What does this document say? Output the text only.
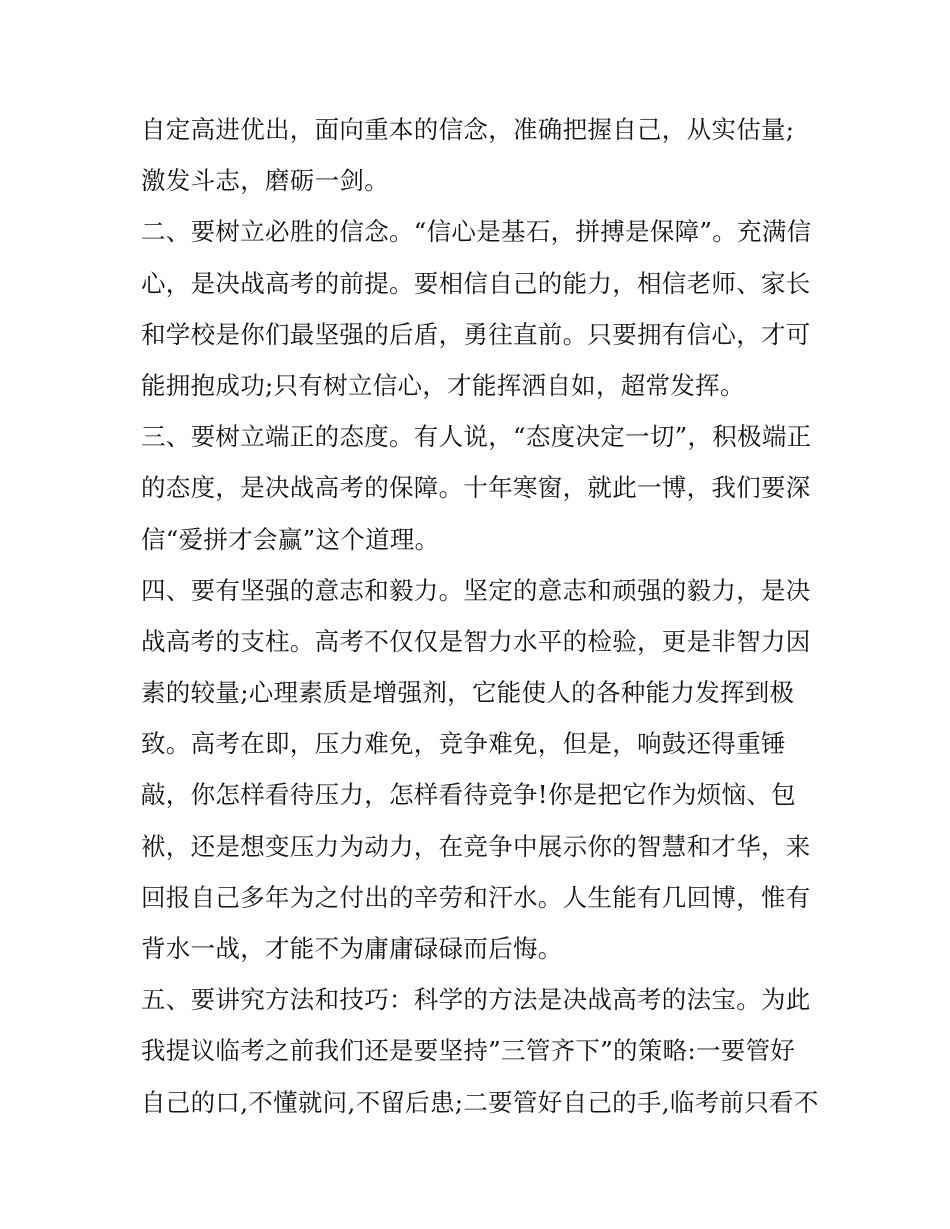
自定高进优出，面向重本的信念，准确把握自己，从实估量;
激发斗志，磨砺一剑。
二、要树立必胜的信念。“信心是基石，拼搏是保障”。充满信
心，是决战高考的前提。要相信自己的能力，相信老师、家长
和学校是你们最坚强的后盾，勇往直前。只要拥有信心，才可
能拥抱成功;只有树立信心，才能挥洒自如，超常发挥。
三、要树立端正的态度。有人说，“态度决定一切”，积极端正
的态度，是决战高考的保障。十年寒窗，就此一博，我们要深
信“爱拼才会赢”这个道理。
四、要有坚强的意志和毅力。坚定的意志和顽强的毅力，是决
战高考的支柱。高考不仅仅是智力水平的检验，更是非智力因
素的较量;心理素质是增强剂，它能使人的各种能力发挥到极
致。高考在即，压力难免，竞争难免，但是，响鼓还得重锤
敲，你怎样看待压力，怎样看待竞争!你是把它作为烦恼、包
袱，还是想变压力为动力，在竞争中展示你的智慧和才华，来
回报自己多年为之付出的辛劳和汗水。人生能有几回博，惟有
背水一战，才能不为庸庸碌碌而后悔。
五、要讲究方法和技巧：科学的方法是决战高考的法宝。为此
我提议临考之前我们还是要坚持”三管齐下”的策略:一要管好
自己的口,不懂就问,不留后患;二要管好自己的手,临考前只看不
